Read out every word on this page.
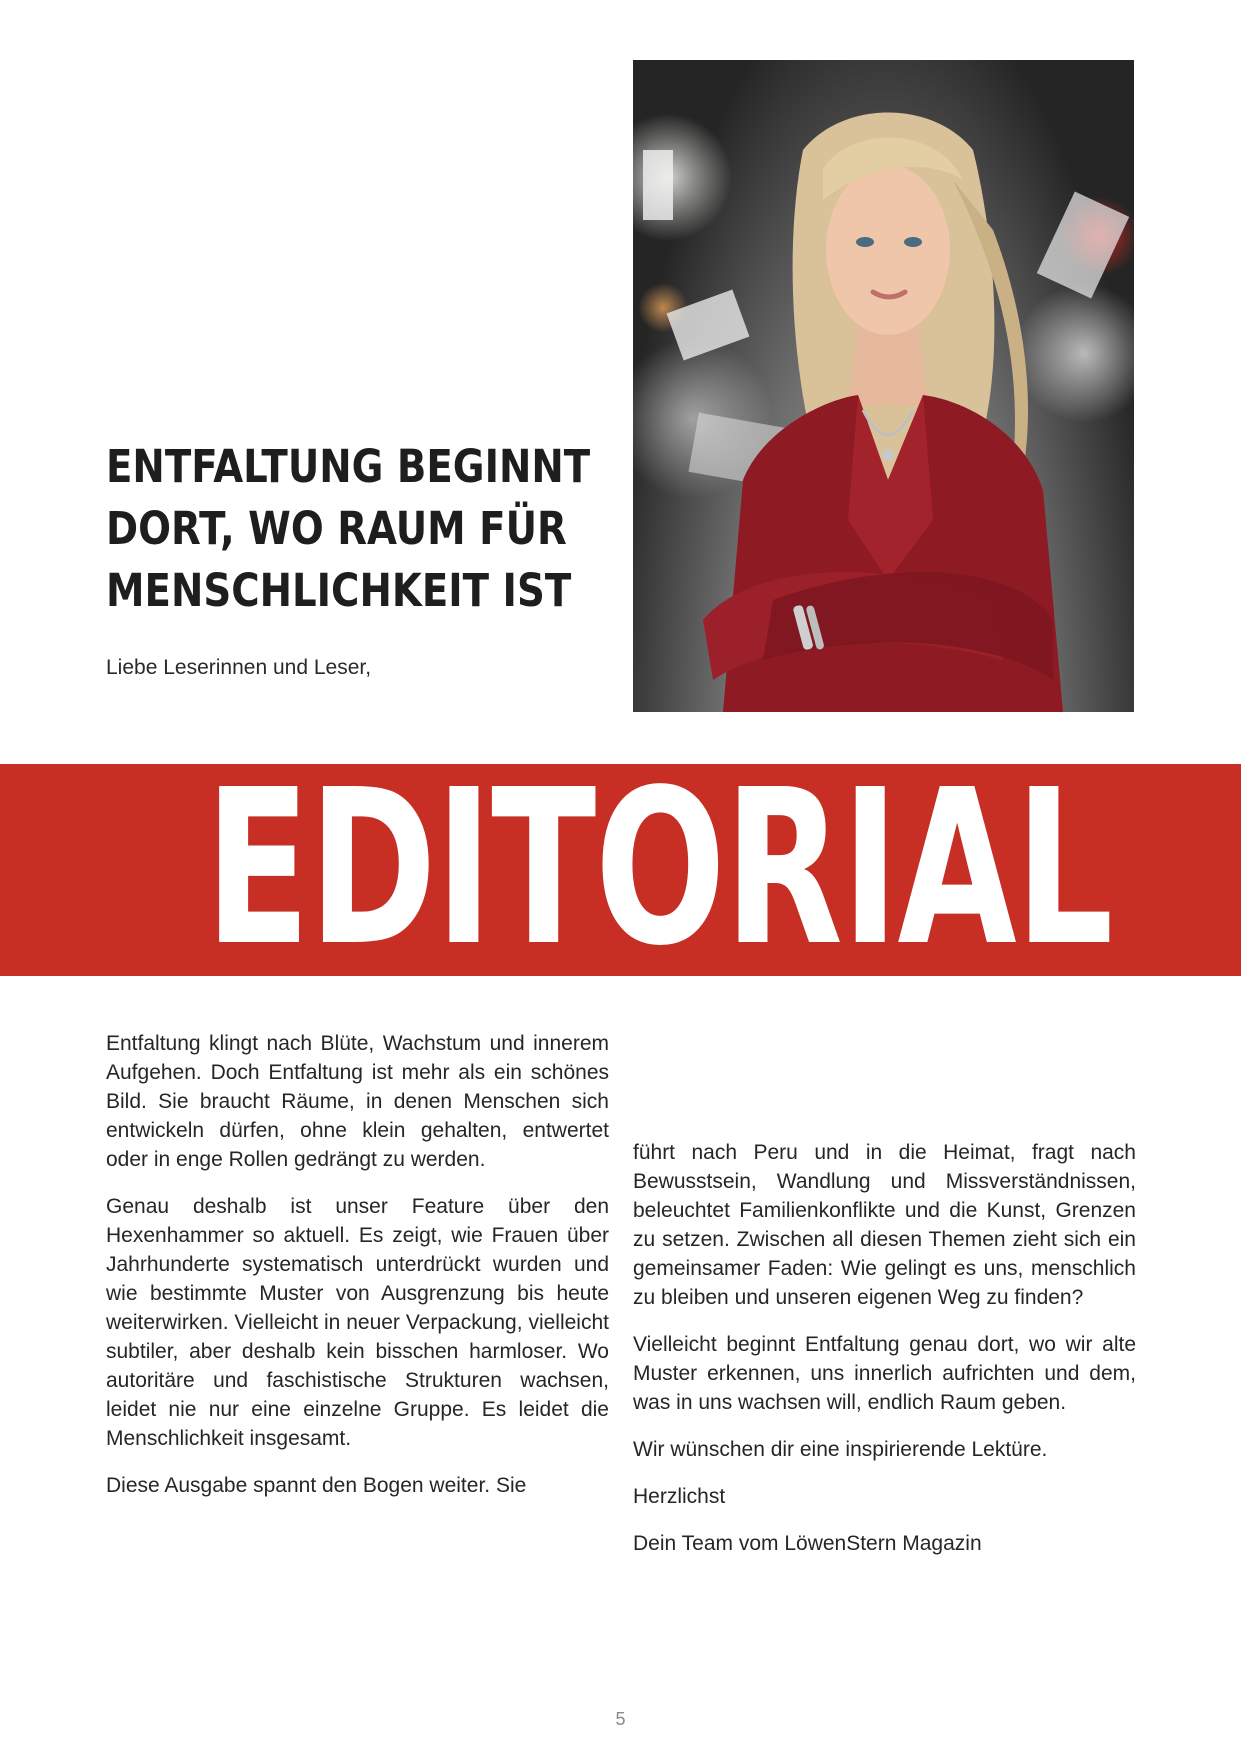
ENTFALTUNG BEGINNT
DORT, WO RAUM FÜR
MENSCHLICHKEIT IST

Liebe Leserinnen und Leser,

EDITORIAL

Entfaltung klingt nach Blüte, Wachstum und innerem Aufgehen. Doch Entfaltung ist mehr als ein schönes Bild. Sie braucht Räume, in denen Menschen sich entwickeln dürfen, ohne klein gehalten, entwertet oder in enge Rollen gedrängt zu werden.

Genau deshalb ist unser Feature über den Hexenhammer so aktuell. Es zeigt, wie Frauen über Jahrhunderte systematisch unterdrückt wurden und wie bestimmte Muster von Ausgrenzung bis heute weiterwirken. Vielleicht in neuer Verpackung, vielleicht subtiler, aber deshalb kein bisschen harmloser. Wo autoritäre und faschistische Strukturen wachsen, leidet nie nur eine einzelne Gruppe. Es leidet die Menschlichkeit insgesamt.

Diese Ausgabe spannt den Bogen weiter. Sie

führt nach Peru und in die Heimat, fragt nach Bewusstsein, Wandlung und Missverständnissen, beleuchtet Familienkonflikte und die Kunst, Grenzen zu setzen. Zwischen all diesen Themen zieht sich ein gemeinsamer Faden: Wie gelingt es uns, menschlich zu bleiben und unseren eigenen Weg zu finden?

Vielleicht beginnt Entfaltung genau dort, wo wir alte Muster erkennen, uns innerlich aufrichten und dem, was in uns wachsen will, endlich Raum geben.

Wir wünschen dir eine inspirierende Lektüre.

Herzlichst

Dein Team vom LöwenStern Magazin

5
